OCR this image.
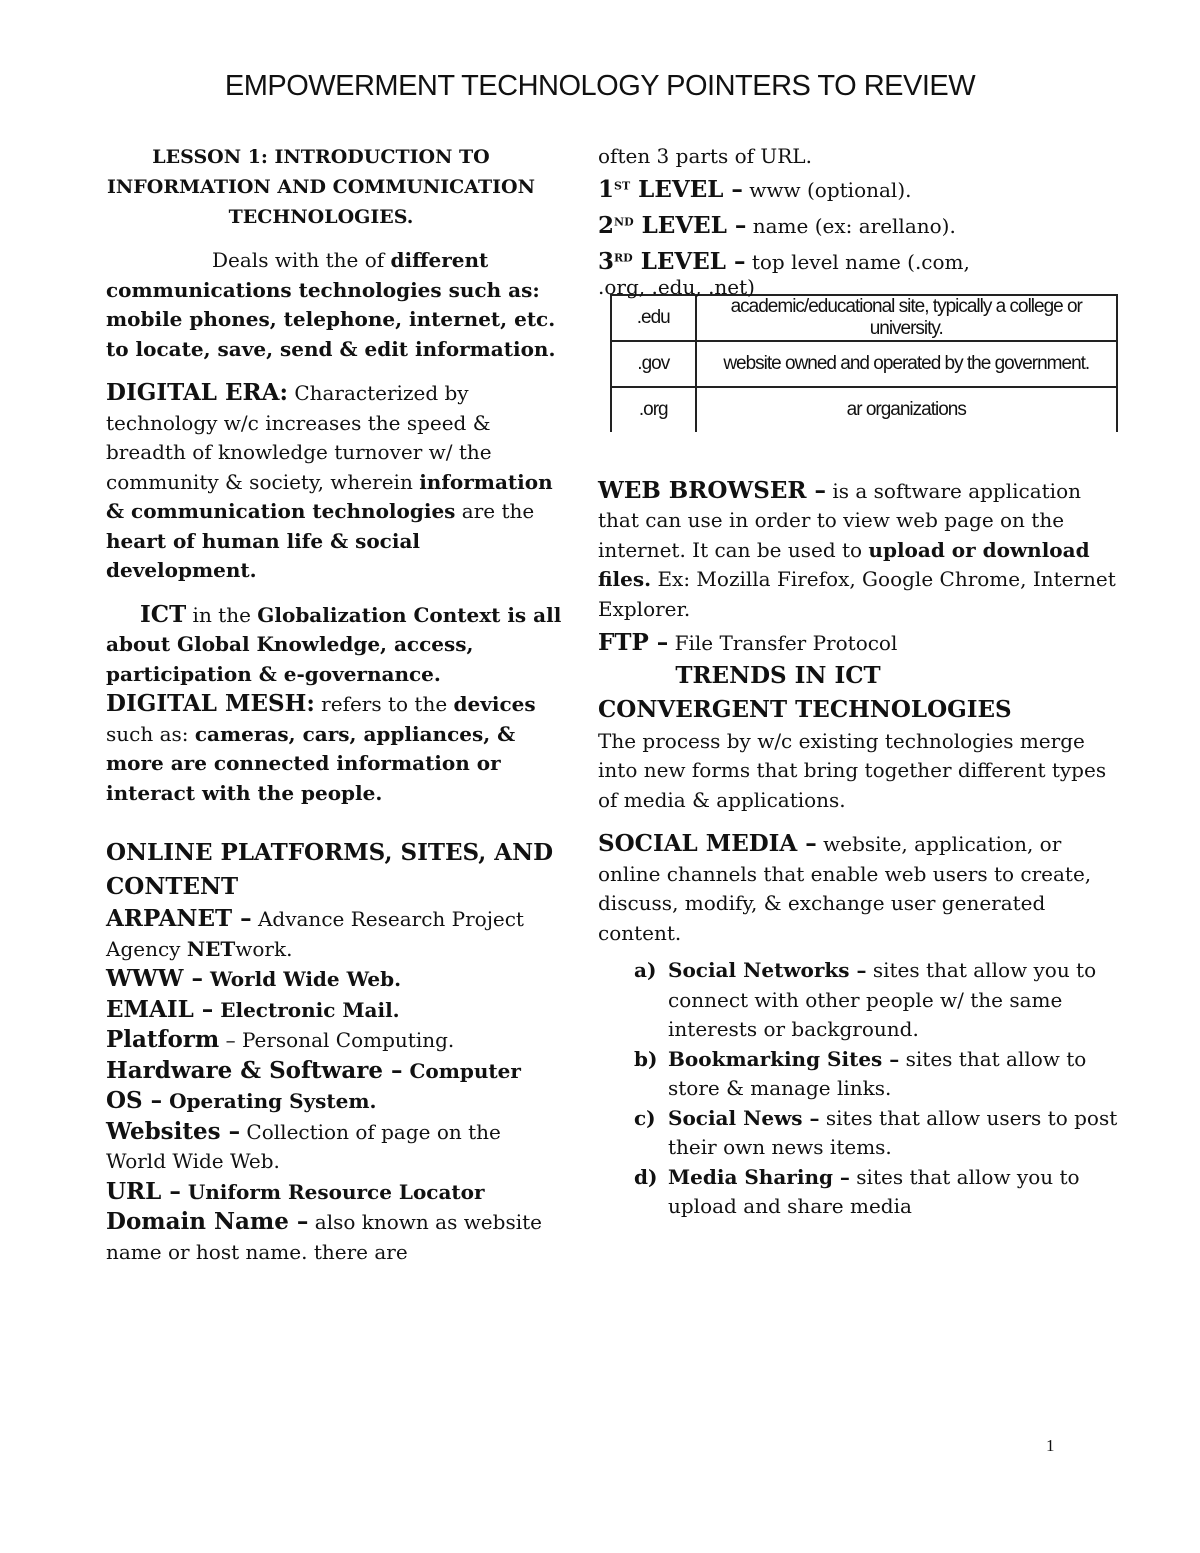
EMPOWERMENT TECHNOLOGY POINTERS TO REVIEW

LESSON 1: INTRODUCTION TO INFORMATION AND COMMUNICATION TECHNOLOGIES.

Deals with the of different communications technologies such as: mobile phones, telephone, internet, etc. to locate, save, send & edit information.

DIGITAL ERA: Characterized by technology w/c increases the speed & breadth of knowledge turnover w/ the community & society, wherein information & communication technologies are the heart of human life & social development.

ICT in the Globalization Context is all about Global Knowledge, access, participation & e-governance.

DIGITAL MESH: refers to the devices such as: cameras, cars, appliances, & more are connected information or interact with the people.

ONLINE PLATFORMS, SITES, AND CONTENT

ARPANET – Advance Research Project Agency NETwork.

WWW – World Wide Web.

EMAIL – Electronic Mail.

Platform – Personal Computing.

Hardware & Software – Computer

OS – Operating System.

Websites – Collection of page on the World Wide Web.

URL – Uniform Resource Locator

Domain Name – also known as website name or host name. there are

often 3 parts of URL.

1ST LEVEL – www (optional).

2ND LEVEL – name (ex: arellano).

3RD LEVEL – top level name (.com,

.org, .edu, .net)

.edu	academic/educational site, typically a college or university.
.gov	website owned and operated by the government.
.org	ar organizations

WEB BROWSER – is a software application that can use in order to view web page on the internet. It can be used to upload or download files. Ex: Mozilla Firefox, Google Chrome, Internet Explorer.

FTP – File Transfer Protocol

TRENDS IN ICT

CONVERGENT TECHNOLOGIES

The process by w/c existing technologies merge into new forms that bring together different types of media & applications.

SOCIAL MEDIA – website, application, or online channels that enable web users to create, discuss, modify, & exchange user generated content.

a) Social Networks – sites that allow you to connect with other people w/ the same interests or background.
b) Bookmarking Sites – sites that allow to store & manage links.
c) Social News – sites that allow users to post their own news items.
d) Media Sharing – sites that allow you to upload and share media
1
